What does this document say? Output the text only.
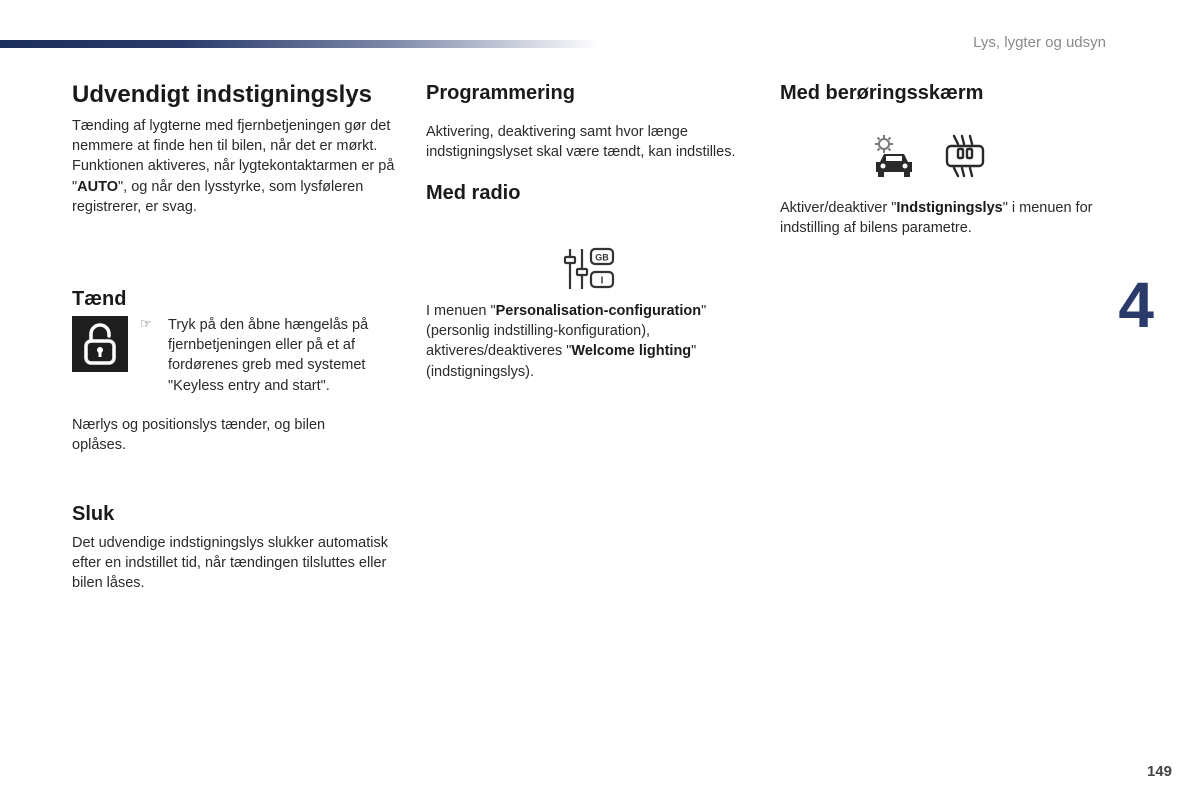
Lys, lygter og udsyn
Udvendigt indstigningslys

Tænding af lygterne med fjernbetjeningen gør det nemmere at finde hen til bilen, når det er mørkt. Funktionen aktiveres, når lygtekontaktarmen er på "AUTO", og når den lysstyrke, som lysføleren registrerer, er svag.

Tænd
☞ Tryk på den åbne hængelås på fjernbetjeningen eller på et af fordørenes greb med systemet "Keyless entry and start".

Nærlys og positionslys tænder, og bilen oplåses.

Sluk

Det udvendige indstigningslys slukker automatisk efter en indstillet tid, når tændingen tilsluttes eller bilen låses.

Programmering

Aktivering, deaktivering samt hvor længe indstigningslyset skal være tændt, kan indstilles.

Med radio
GB
I

I menuen "Personalisation-configuration" (personlig indstilling-konfiguration), aktiveres/deaktiveres "Welcome lighting" (indstigningslys).

Med berøringsskærm

Aktiver/deaktiver "Indstigningslys" i menuen for indstilling af bilens parametre.

4
149
